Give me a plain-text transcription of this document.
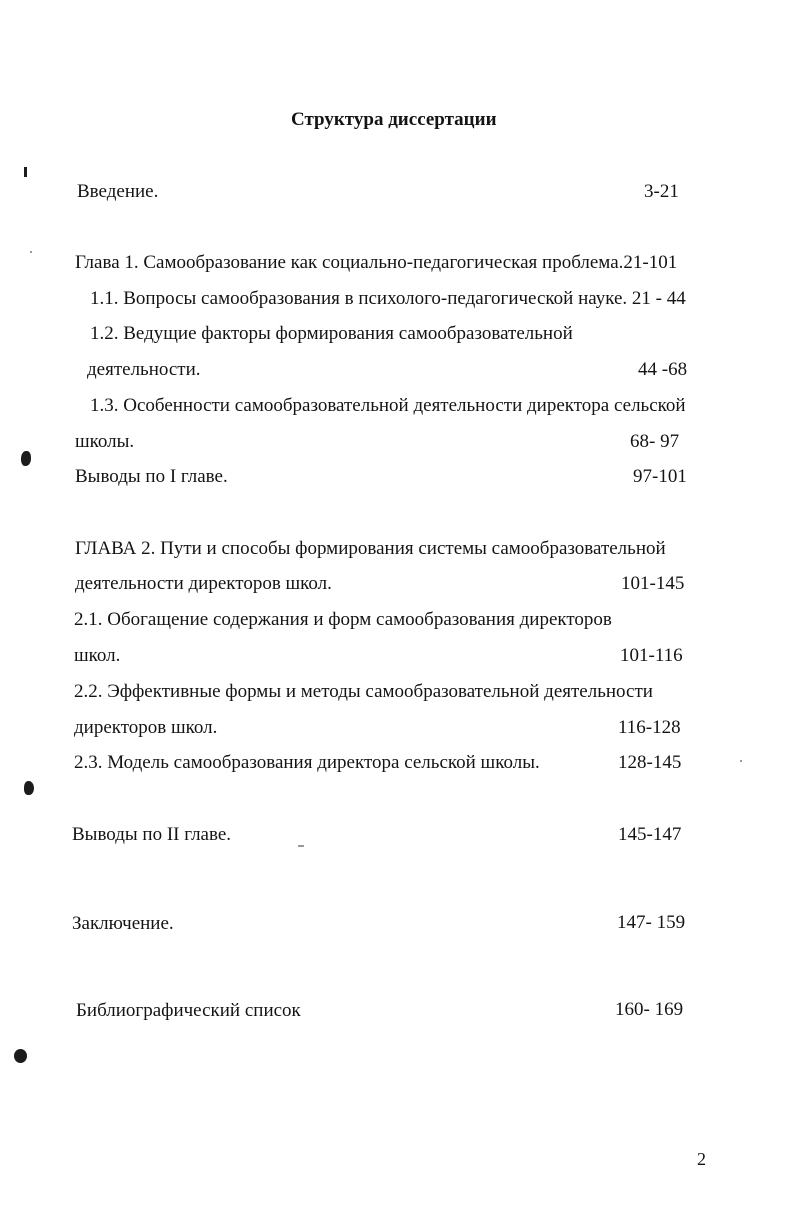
Структура диссертации
Введение.	3-21
Глава 1. Самообразование как социально-педагогическая проблема.21-101
1.1. Вопросы самообразования в психолого-педагогической науке. 21 - 44
1.2. Ведущие факторы формирования самообразовательной
деятельности.	44 -68
1.3. Особенности самообразовательной деятельности директора сельской
школы.	68- 97
Выводы по I главе.	97-101
ГЛАВА 2. Пути и способы формирования системы самообразовательной
деятельности директоров школ.	101-145
2.1. Обогащение содержания и форм самообразования директоров
школ.	101-116
2.2. Эффективные формы и методы самообразовательной деятельности
директоров школ.	116-128
2.3. Модель самообразования директора сельской школы.	128-145
Выводы по II главе.	145-147
Заключение.	147- 159
Библиографический список	160- 169
2
